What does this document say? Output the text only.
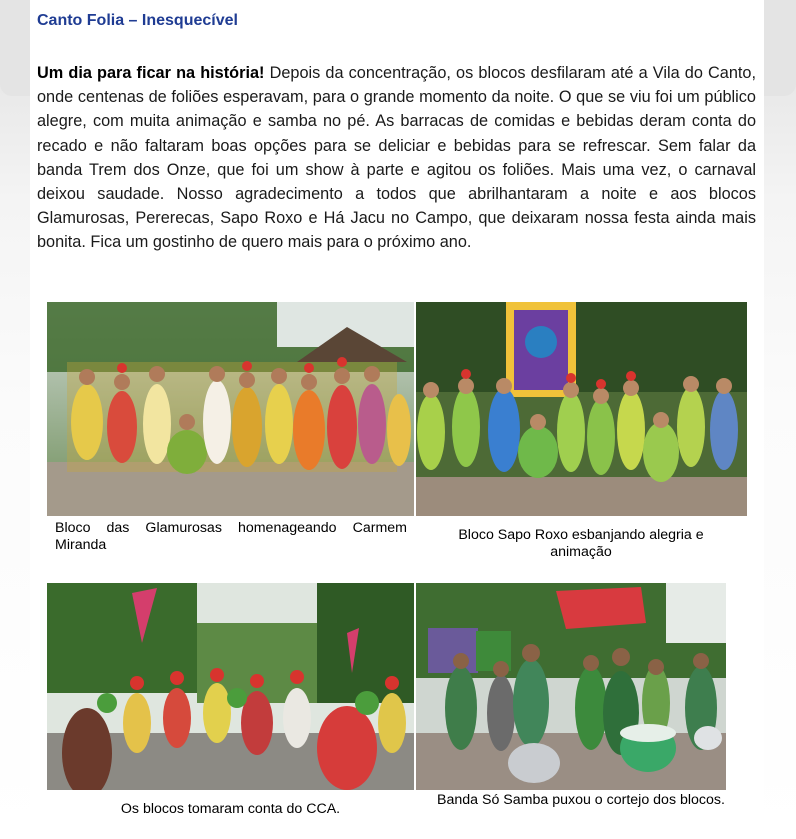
Canto Folia – Inesquecível

Um dia para ficar na história! Depois da concentração, os blocos desfilaram até a Vila do Canto, onde centenas de foliões esperavam, para o grande momento da noite. O que se viu foi um público alegre, com muita animação e samba no pé. As barracas de comidas e bebidas deram conta do recado e não faltaram boas opções para se deliciar e bebidas para se refrescar. Sem falar da banda Trem dos Onze, que foi um show à parte e agitou os foliões. Mais uma vez, o carnaval deixou saudade. Nosso agradecimento a todos que abrilhantaram a noite e aos blocos Glamurosas, Pererecas, Sapo Roxo e Há Jacu no Campo, que deixaram nossa festa ainda mais bonita. Fica um gostinho de quero mais para o próximo ano.

Bloco das Glamurosas homenageando Carmem Miranda
Bloco Sapo Roxo esbanjando alegria e animação
Os blocos tomaram conta do CCA.
Banda Só Samba puxou o cortejo dos blocos.
